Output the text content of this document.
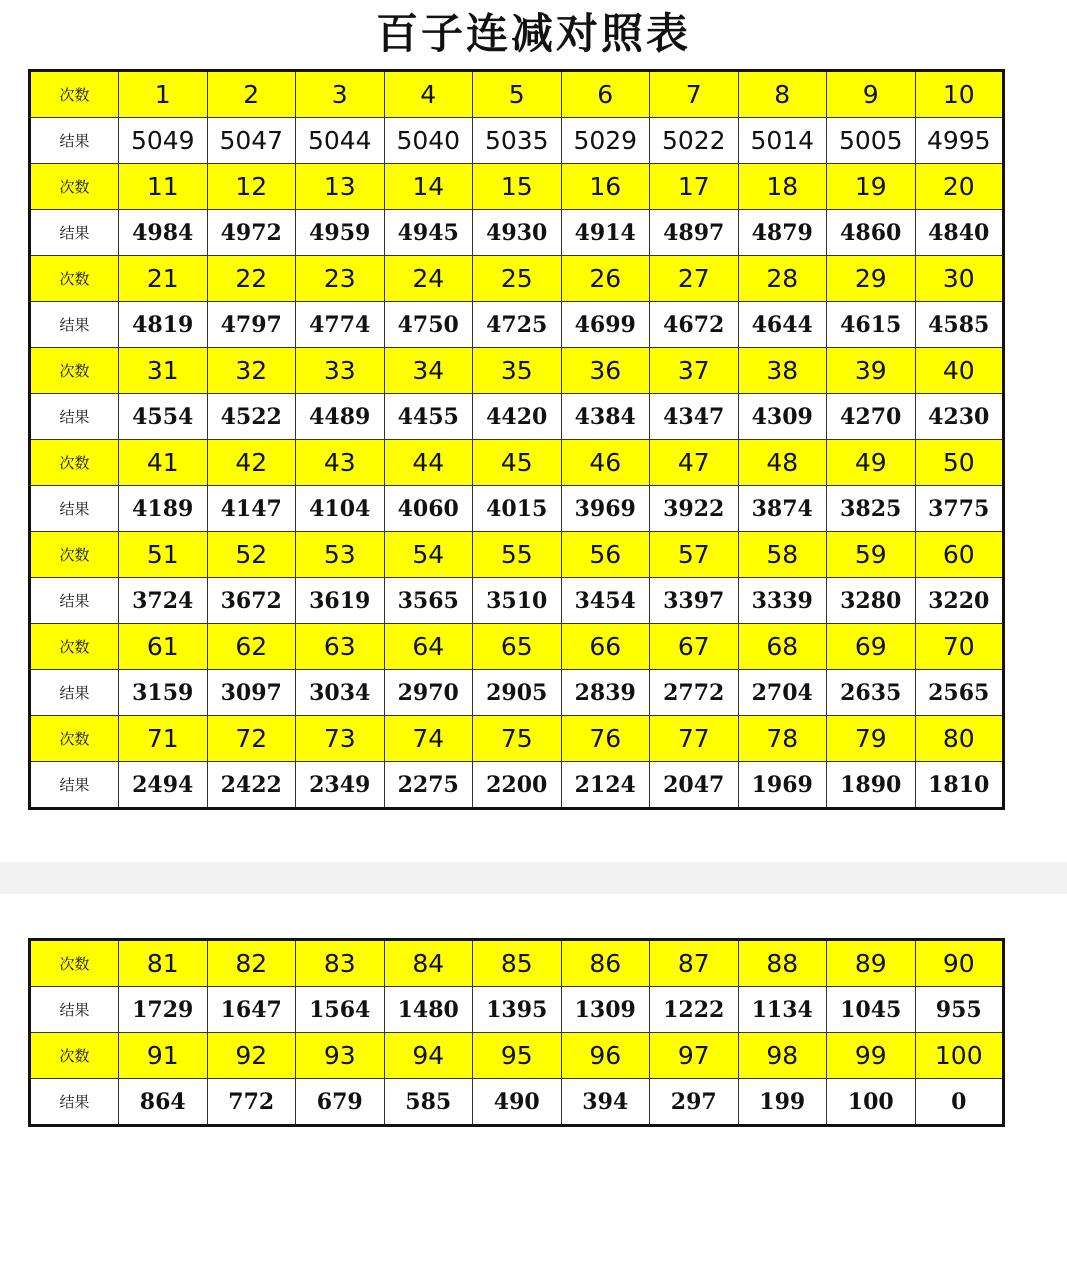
百子连减对照表
次数	1	2	3	4	5	6	7	8	9	10
结果	5049	5047	5044	5040	5035	5029	5022	5014	5005	4995
次数	11	12	13	14	15	16	17	18	19	20
结果	4984	4972	4959	4945	4930	4914	4897	4879	4860	4840
次数	21	22	23	24	25	26	27	28	29	30
结果	4819	4797	4774	4750	4725	4699	4672	4644	4615	4585
次数	31	32	33	34	35	36	37	38	39	40
结果	4554	4522	4489	4455	4420	4384	4347	4309	4270	4230
次数	41	42	43	44	45	46	47	48	49	50
结果	4189	4147	4104	4060	4015	3969	3922	3874	3825	3775
次数	51	52	53	54	55	56	57	58	59	60
结果	3724	3672	3619	3565	3510	3454	3397	3339	3280	3220
次数	61	62	63	64	65	66	67	68	69	70
结果	3159	3097	3034	2970	2905	2839	2772	2704	2635	2565
次数	71	72	73	74	75	76	77	78	79	80
结果	2494	2422	2349	2275	2200	2124	2047	1969	1890	1810
次数	81	82	83	84	85	86	87	88	89	90
结果	1729	1647	1564	1480	1395	1309	1222	1134	1045	955
次数	91	92	93	94	95	96	97	98	99	100
结果	864	772	679	585	490	394	297	199	100	0
